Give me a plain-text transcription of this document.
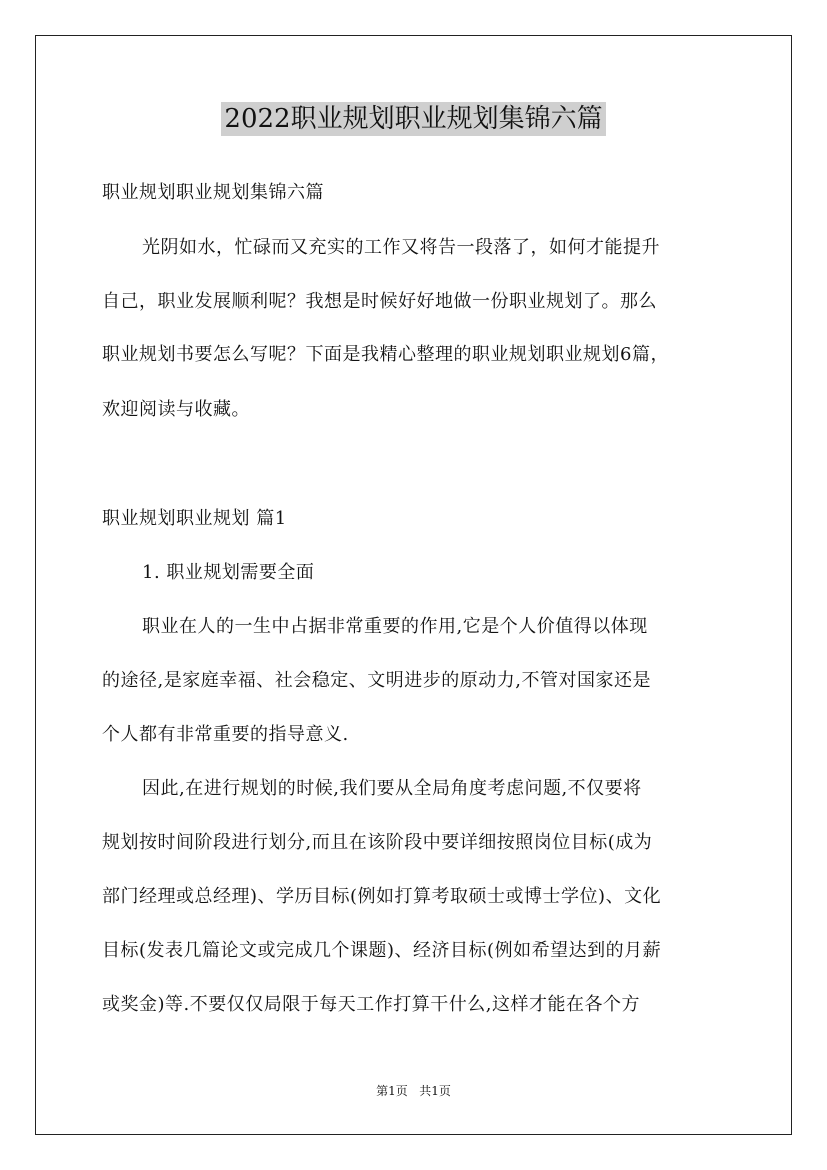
2022职业规划职业规划集锦六篇
职业规划职业规划集锦六篇
光阴如水，忙碌而又充实的工作又将告一段落了，如何才能提升
自己，职业发展顺利呢？我想是时候好好地做一份职业规划了。那么
职业规划书要怎么写呢？下面是我精心整理的职业规划职业规划6篇，
欢迎阅读与收藏。
职业规划职业规划 篇1
1. 职业规划需要全面
职业在人的一生中占据非常重要的作用,它是个人价值得以体现
的途径,是家庭幸福、社会稳定、文明进步的原动力,不管对国家还是
个人都有非常重要的指导意义.
因此,在进行规划的时候,我们要从全局角度考虑问题,不仅要将
规划按时间阶段进行划分,而且在该阶段中要详细按照岗位目标(成为
部门经理或总经理)、学历目标(例如打算考取硕士或博士学位)、文化
目标(发表几篇论文或完成几个课题)、经济目标(例如希望达到的月薪
或奖金)等.不要仅仅局限于每天工作打算干什么,这样才能在各个方
第1页 共1页
